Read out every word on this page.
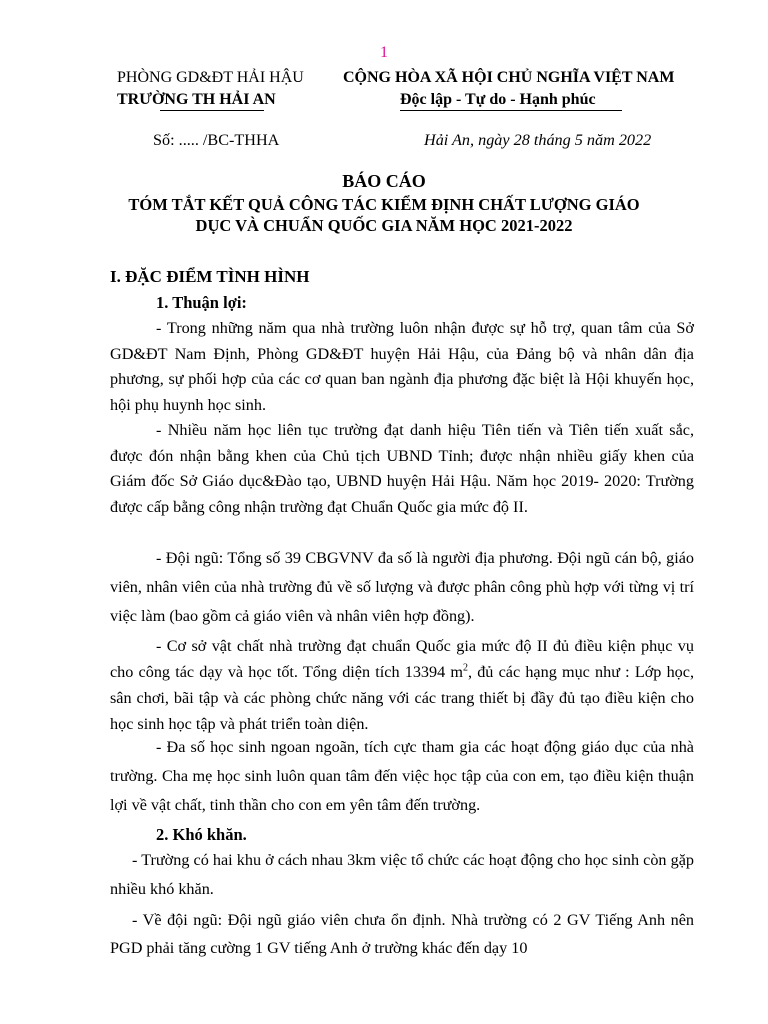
1
PHÒNG GD&ĐT HẢI HẬU
TRƯỜNG TH HẢI AN
CỘNG HÒA XÃ HỘI CHỦ NGHĨA VIỆT NAM
Độc lập - Tự do - Hạnh phúc
Số: ..... /BC-THHA	Hải An, ngày 28 tháng 5 năm 2022
BÁO CÁO
TÓM TẮT KẾT QUẢ CÔNG TÁC KIỂM ĐỊNH CHẤT LƯỢNG GIÁO
DỤC VÀ CHUẨN QUỐC GIA NĂM HỌC 2021-2022
I. ĐẶC ĐIỂM TÌNH HÌNH
1. Thuận lợi:

- Trong những năm qua nhà trường luôn nhận được sự hỗ trợ, quan tâm của Sở GD&ĐT Nam Định, Phòng GD&ĐT huyện Hải Hậu, của Đảng bộ và nhân dân địa phương, sự phối hợp của các cơ quan ban ngành địa phương đặc biệt là Hội khuyến học, hội phụ huynh học sinh.

- Nhiều năm học liên tục trường đạt danh hiệu Tiên tiến và Tiên tiến xuất sắc, được đón nhận bằng khen của Chủ tịch UBND Tỉnh; được nhận nhiều giấy khen của Giám đốc Sở Giáo dục&Đào tạo, UBND huyện Hải Hậu. Năm học 2019- 2020: Trường được cấp bằng công nhận trường đạt Chuẩn Quốc gia mức độ II.

- Đội ngũ: Tổng số 39 CBGVNV đa số là người địa phương. Đội ngũ cán bộ, giáo viên, nhân viên của nhà trường đủ về số lượng và được phân công phù hợp với từng vị trí việc làm (bao gồm cả giáo viên và nhân viên hợp đồng).

- Cơ sở vật chất nhà trường đạt chuẩn Quốc gia mức độ II đủ điều kiện phục vụ cho công tác dạy và học tốt. Tổng diện tích 13394 $m^2$, đủ các hạng mục như : Lớp học, sân chơi, bãi tập và các phòng chức năng với các trang thiết bị đầy đủ tạo điều kiện cho học sinh học tập và phát triển toàn diện.

- Đa số học sinh ngoan ngoãn, tích cực tham gia các hoạt động giáo dục của nhà trường. Cha mẹ học sinh luôn quan tâm đến việc học tập của con em, tạo điều kiện thuận lợi về vật chất, tinh thần cho con em yên tâm đến trường.

2. Khó khăn.

- Trường có hai khu ở cách nhau 3km việc tổ chức các hoạt động cho học sinh còn gặp nhiều khó khăn.

- Về đội ngũ: Đội ngũ giáo viên chưa ổn định. Nhà trường có 2 GV Tiếng Anh nên PGD phải tăng cường 1 GV tiếng Anh ở trường khác đến dạy 10
